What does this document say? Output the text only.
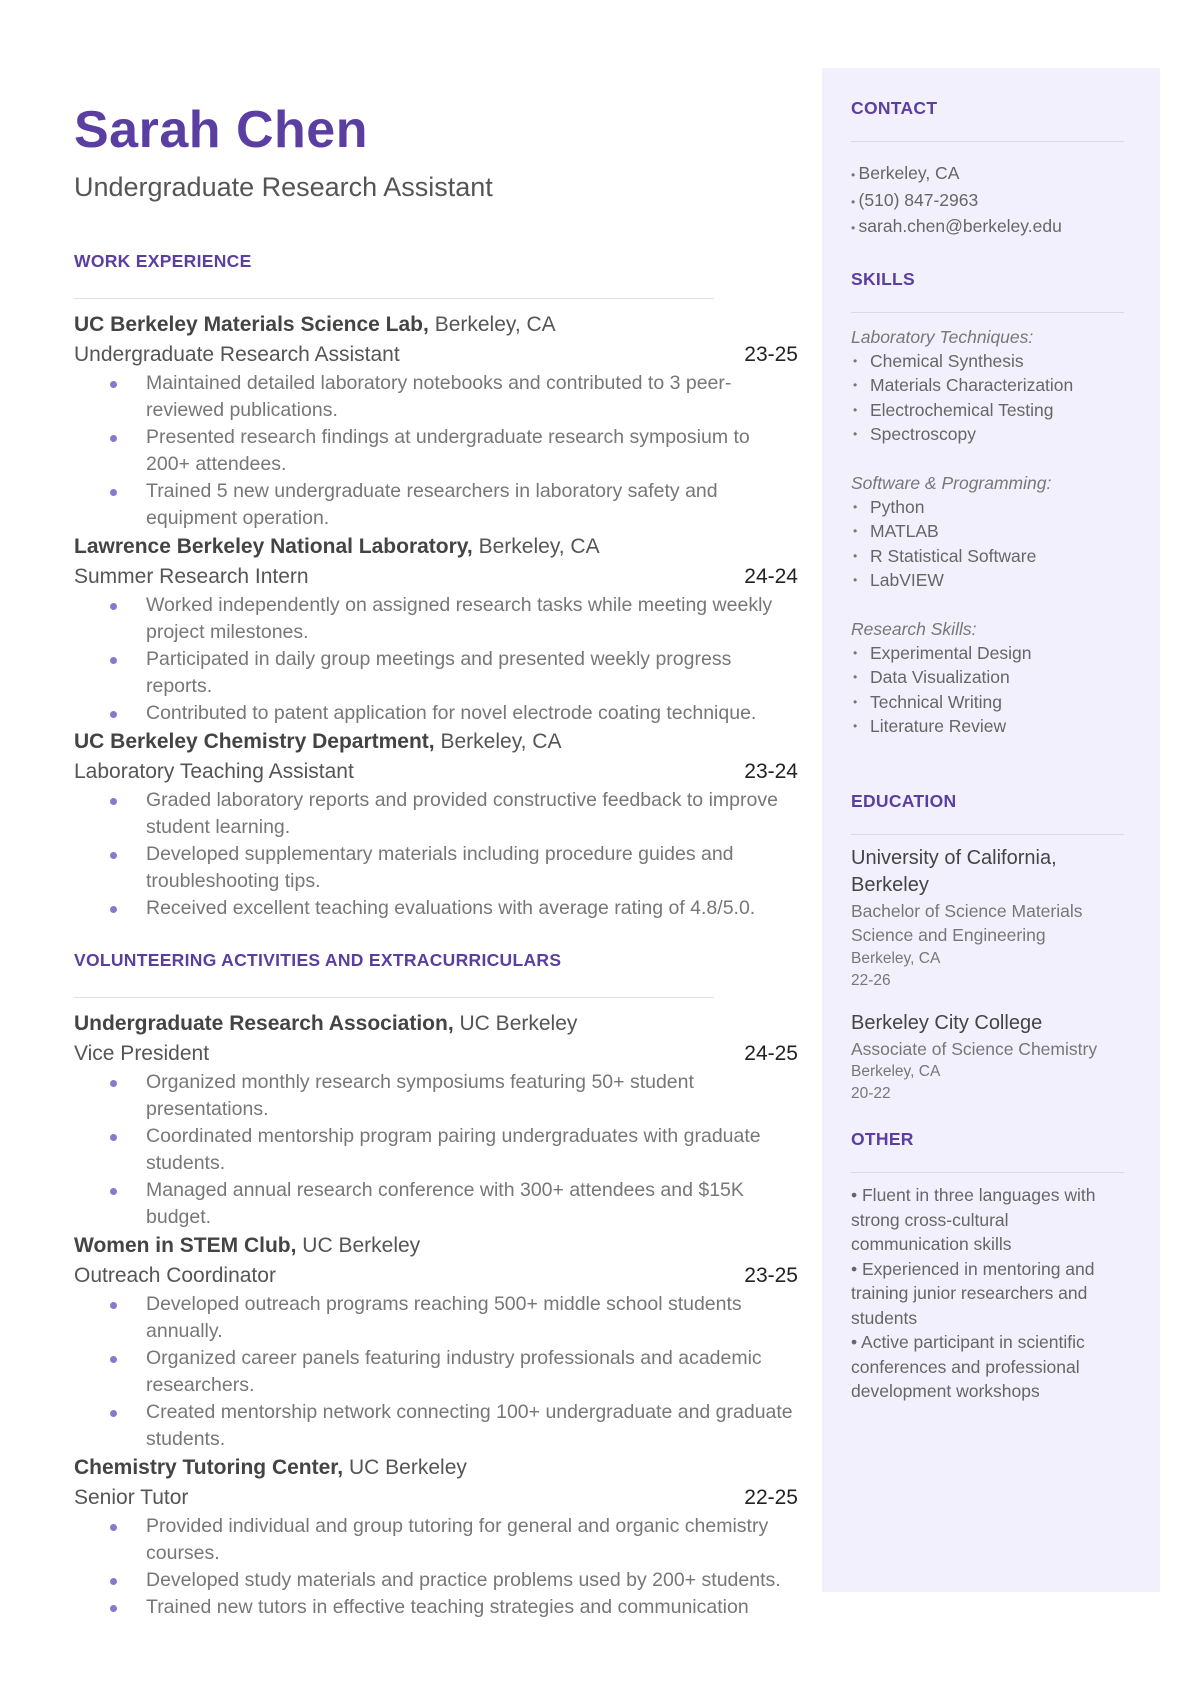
Sarah Chen
Undergraduate Research Assistant
WORK EXPERIENCE
UC Berkeley Materials Science Lab, Berkeley, CA
Undergraduate Research Assistant	23-25
Maintained detailed laboratory notebooks and contributed to 3 peer-reviewed publications.
Presented research findings at undergraduate research symposium to 200+ attendees.
Trained 5 new undergraduate researchers in laboratory safety and equipment operation.
Lawrence Berkeley National Laboratory, Berkeley, CA
Summer Research Intern	24-24
Worked independently on assigned research tasks while meeting weekly project milestones.
Participated in daily group meetings and presented weekly progress reports.
Contributed to patent application for novel electrode coating technique.
UC Berkeley Chemistry Department, Berkeley, CA
Laboratory Teaching Assistant	23-24
Graded laboratory reports and provided constructive feedback to improve student learning.
Developed supplementary materials including procedure guides and troubleshooting tips.
Received excellent teaching evaluations with average rating of 4.8/5.0.
VOLUNTEERING ACTIVITIES AND EXTRACURRICULARS
Undergraduate Research Association, UC Berkeley
Vice President	24-25
Organized monthly research symposiums featuring 50+ student presentations.
Coordinated mentorship program pairing undergraduates with graduate students.
Managed annual research conference with 300+ attendees and $15K budget.
Women in STEM Club, UC Berkeley
Outreach Coordinator	23-25
Developed outreach programs reaching 500+ middle school students annually.
Organized career panels featuring industry professionals and academic researchers.
Created mentorship network connecting 100+ undergraduate and graduate students.
Chemistry Tutoring Center, UC Berkeley
Senior Tutor	22-25
Provided individual and group tutoring for general and organic chemistry courses.
Developed study materials and practice problems used by 200+ students.
Trained new tutors in effective teaching strategies and communication
CONTACT
• Berkeley, CA
• (510) 847-2963
• sarah.chen@berkeley.edu
SKILLS
Laboratory Techniques:
• Chemical Synthesis
• Materials Characterization
• Electrochemical Testing
• Spectroscopy
Software & Programming:
• Python
• MATLAB
• R Statistical Software
• LabVIEW
Research Skills:
• Experimental Design
• Data Visualization
• Technical Writing
• Literature Review
EDUCATION
University of California, Berkeley
Bachelor of Science Materials Science and Engineering
Berkeley, CA
22-26
Berkeley City College
Associate of Science Chemistry
Berkeley, CA
20-22
OTHER
• Fluent in three languages with strong cross-cultural communication skills
• Experienced in mentoring and training junior researchers and students
• Active participant in scientific conferences and professional development workshops
